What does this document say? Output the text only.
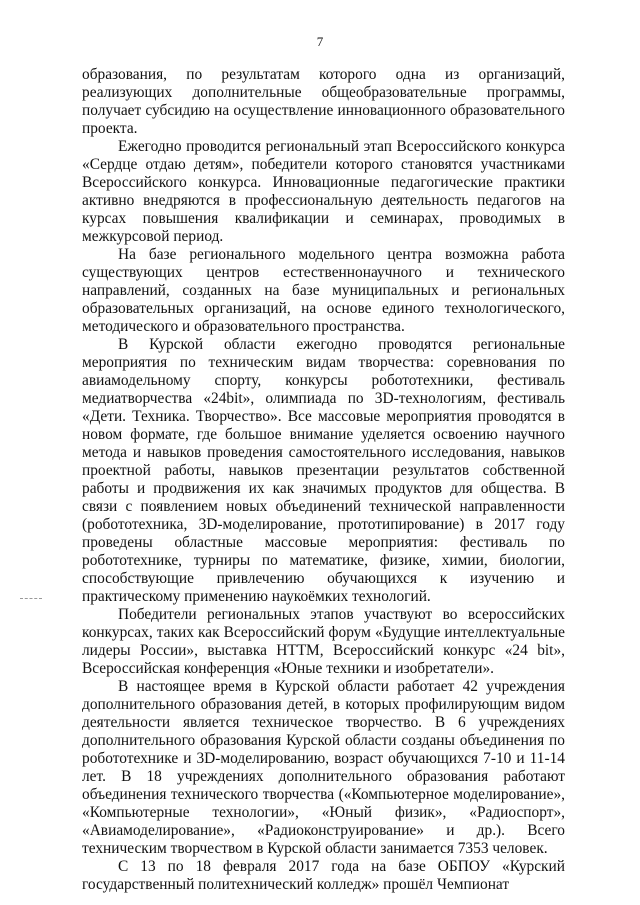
7

образования, по результатам которого одна из организаций, реализующих дополнительные общеобразовательные программы, получает субсидию на осуществление инновационного образовательного проекта.

Ежегодно проводится региональный этап Всероссийского конкурса «Сердце отдаю детям», победители которого становятся участниками Всероссийского конкурса. Инновационные педагогические практики активно внедряются в профессиональную деятельность педагогов на курсах повышения квалификации и семинарах, проводимых в межкурсовой период.

На базе регионального модельного центра возможна работа существующих центров естественнонаучного и технического направлений, созданных на базе муниципальных и региональных образовательных организаций, на основе единого технологического, методического и образовательного пространства.

В Курской области ежегодно проводятся региональные мероприятия по техническим видам творчества: соревнования по авиамодельному спорту, конкурсы робототехники, фестиваль медиатворчества «24bit», олимпиада по 3D-технологиям, фестиваль «Дети. Техника. Творчество». Все массовые мероприятия проводятся в новом формате, где большое внимание уделяется освоению научного метода и навыков проведения самостоятельного исследования, навыков проектной работы, навыков презентации результатов собственной работы и продвижения их как значимых продуктов для общества. В связи с появлением новых объединений технической направленности (робототехника, 3D-моделирование, прототипирование) в 2017 году проведены областные массовые мероприятия: фестиваль по робототехнике, турниры по математике, физике, химии, биологии, способствующие привлечению обучающихся к изучению и практическому применению наукоёмких технологий.

Победители региональных этапов участвуют во всероссийских конкурсах, таких как Всероссийский форум «Будущие интеллектуальные лидеры России», выставка НТТМ, Всероссийский конкурс «24 bit», Всероссийская конференция «Юные техники и изобретатели».

В настоящее время в Курской области работает 42 учреждения дополнительного образования детей, в которых профилирующим видом деятельности является техническое творчество. В 6 учреждениях дополнительного образования Курской области созданы объединения по робототехнике и 3D-моделированию, возраст обучающихся 7-10 и 11-14 лет. В 18 учреждениях дополнительного образования работают объединения технического творчества («Компьютерное моделирование», «Компьютерные технологии», «Юный физик», «Радиоспорт», «Авиамоделирование», «Радиоконструирование» и др.). Всего техническим творчеством в Курской области занимается 7353 человек.

С 13 по 18 февраля 2017 года на базе ОБПОУ «Курский государственный политехнический колледж» прошёл Чемпионат
